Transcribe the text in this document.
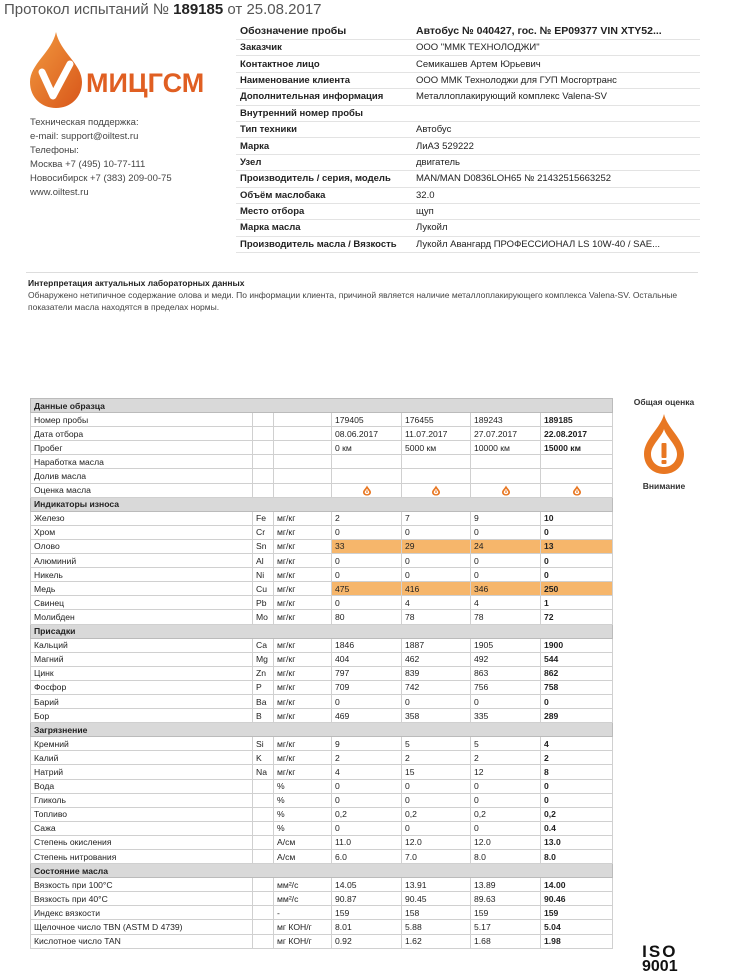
Протокол испытаний № 189185 от 25.08.2017
МИЦГСМ
Техническая поддержка:
e-mail: support@oiltest.ru
Телефоны:
Москва +7 (495) 10-77-111
Новосибирск +7 (383) 209-00-75
www.oiltest.ru
Обозначение пробы	Автобус № 040427, гос. № EP09377 VIN XTY52...
Заказчик	ООО "ММК ТЕХНОЛОДЖИ"
Контактное лицо	Семикашев Артем Юрьевич
Наименование клиента	ООО ММК Технолоджи для ГУП Мосгортранс
Дополнительная информация	Металлоплакирующий комплекс Valena-SV
Внутренний номер пробы	
Тип техники	Автобус
Марка	ЛиАЗ 529222
Узел	двигатель
Производитель / серия, модель	MAN/MAN D0836LOH65 № 21432515663252
Объём маслобака	32.0
Место отбора	щуп
Марка масла	Лукойл
Производитель масла / Вязкость	Лукойл Авангард ПРОФЕССИОНАЛ LS 10W-40 / SAE...
Интерпретация актуальных лабораторных данных
Обнаружено нетипичное содержание олова и меди. По информации клиента, причиной является наличие металлоплакирующего комплекса Valena-SV. Остальные показатели масла находятся в пределах нормы.
Данные образца						
Номер пробы			179405	176455	189243	189185
Дата отбора			08.06.2017	11.07.2017	27.07.2017	22.08.2017
Пробег			0 км	5000 км	10000 км	15000 км
Наработка масла						
Долив масла						
Оценка масла						
Индикаторы износа						
Железо	Fe	мг/кг	2	7	9	10
Хром	Cr	мг/кг	0	0	0	0
Олово	Sn	мг/кг	33	29	24	13
Алюминий	Al	мг/кг	0	0	0	0
Никель	Ni	мг/кг	0	0	0	0
Медь	Cu	мг/кг	475	416	346	250
Свинец	Pb	мг/кг	0	4	4	1
Молибден	Mo	мг/кг	80	78	78	72
Присадки						
Кальций	Ca	мг/кг	1846	1887	1905	1900
Магний	Mg	мг/кг	404	462	492	544
Цинк	Zn	мг/кг	797	839	863	862
Фосфор	P	мг/кг	709	742	756	758
Барий	Ba	мг/кг	0	0	0	0
Бор	B	мг/кг	469	358	335	289
Загрязнение						
Кремний	Si	мг/кг	9	5	5	4
Калий	K	мг/кг	2	2	2	2
Натрий	Na	мг/кг	4	15	12	8
Вода		%	0	0	0	0
Гликоль		%	0	0	0	0
Топливо		%	0,2	0,2	0,2	0,2
Сажа		%	0	0	0	0.4
Степень окисления		А/см	11.0	12.0	12.0	13.0
Степень нитрования		А/см	6.0	7.0	8.0	8.0
Состояние масла						
Вязкость при 100°С		мм²/с	14.05	13.91	13.89	14.00
Вязкость при 40°С		мм²/с	90.87	90.45	89.63	90.46
Индекс вязкости		-	159	158	159	159
Щелочное число TBN (ASTM D 4739)		мг КОН/г	8.01	5.88	5.17	5.04
Кислотное число TAN		мг КОН/г	0.92	1.62	1.68	1.98
Общая оценка
Внимание
ISO
9001
